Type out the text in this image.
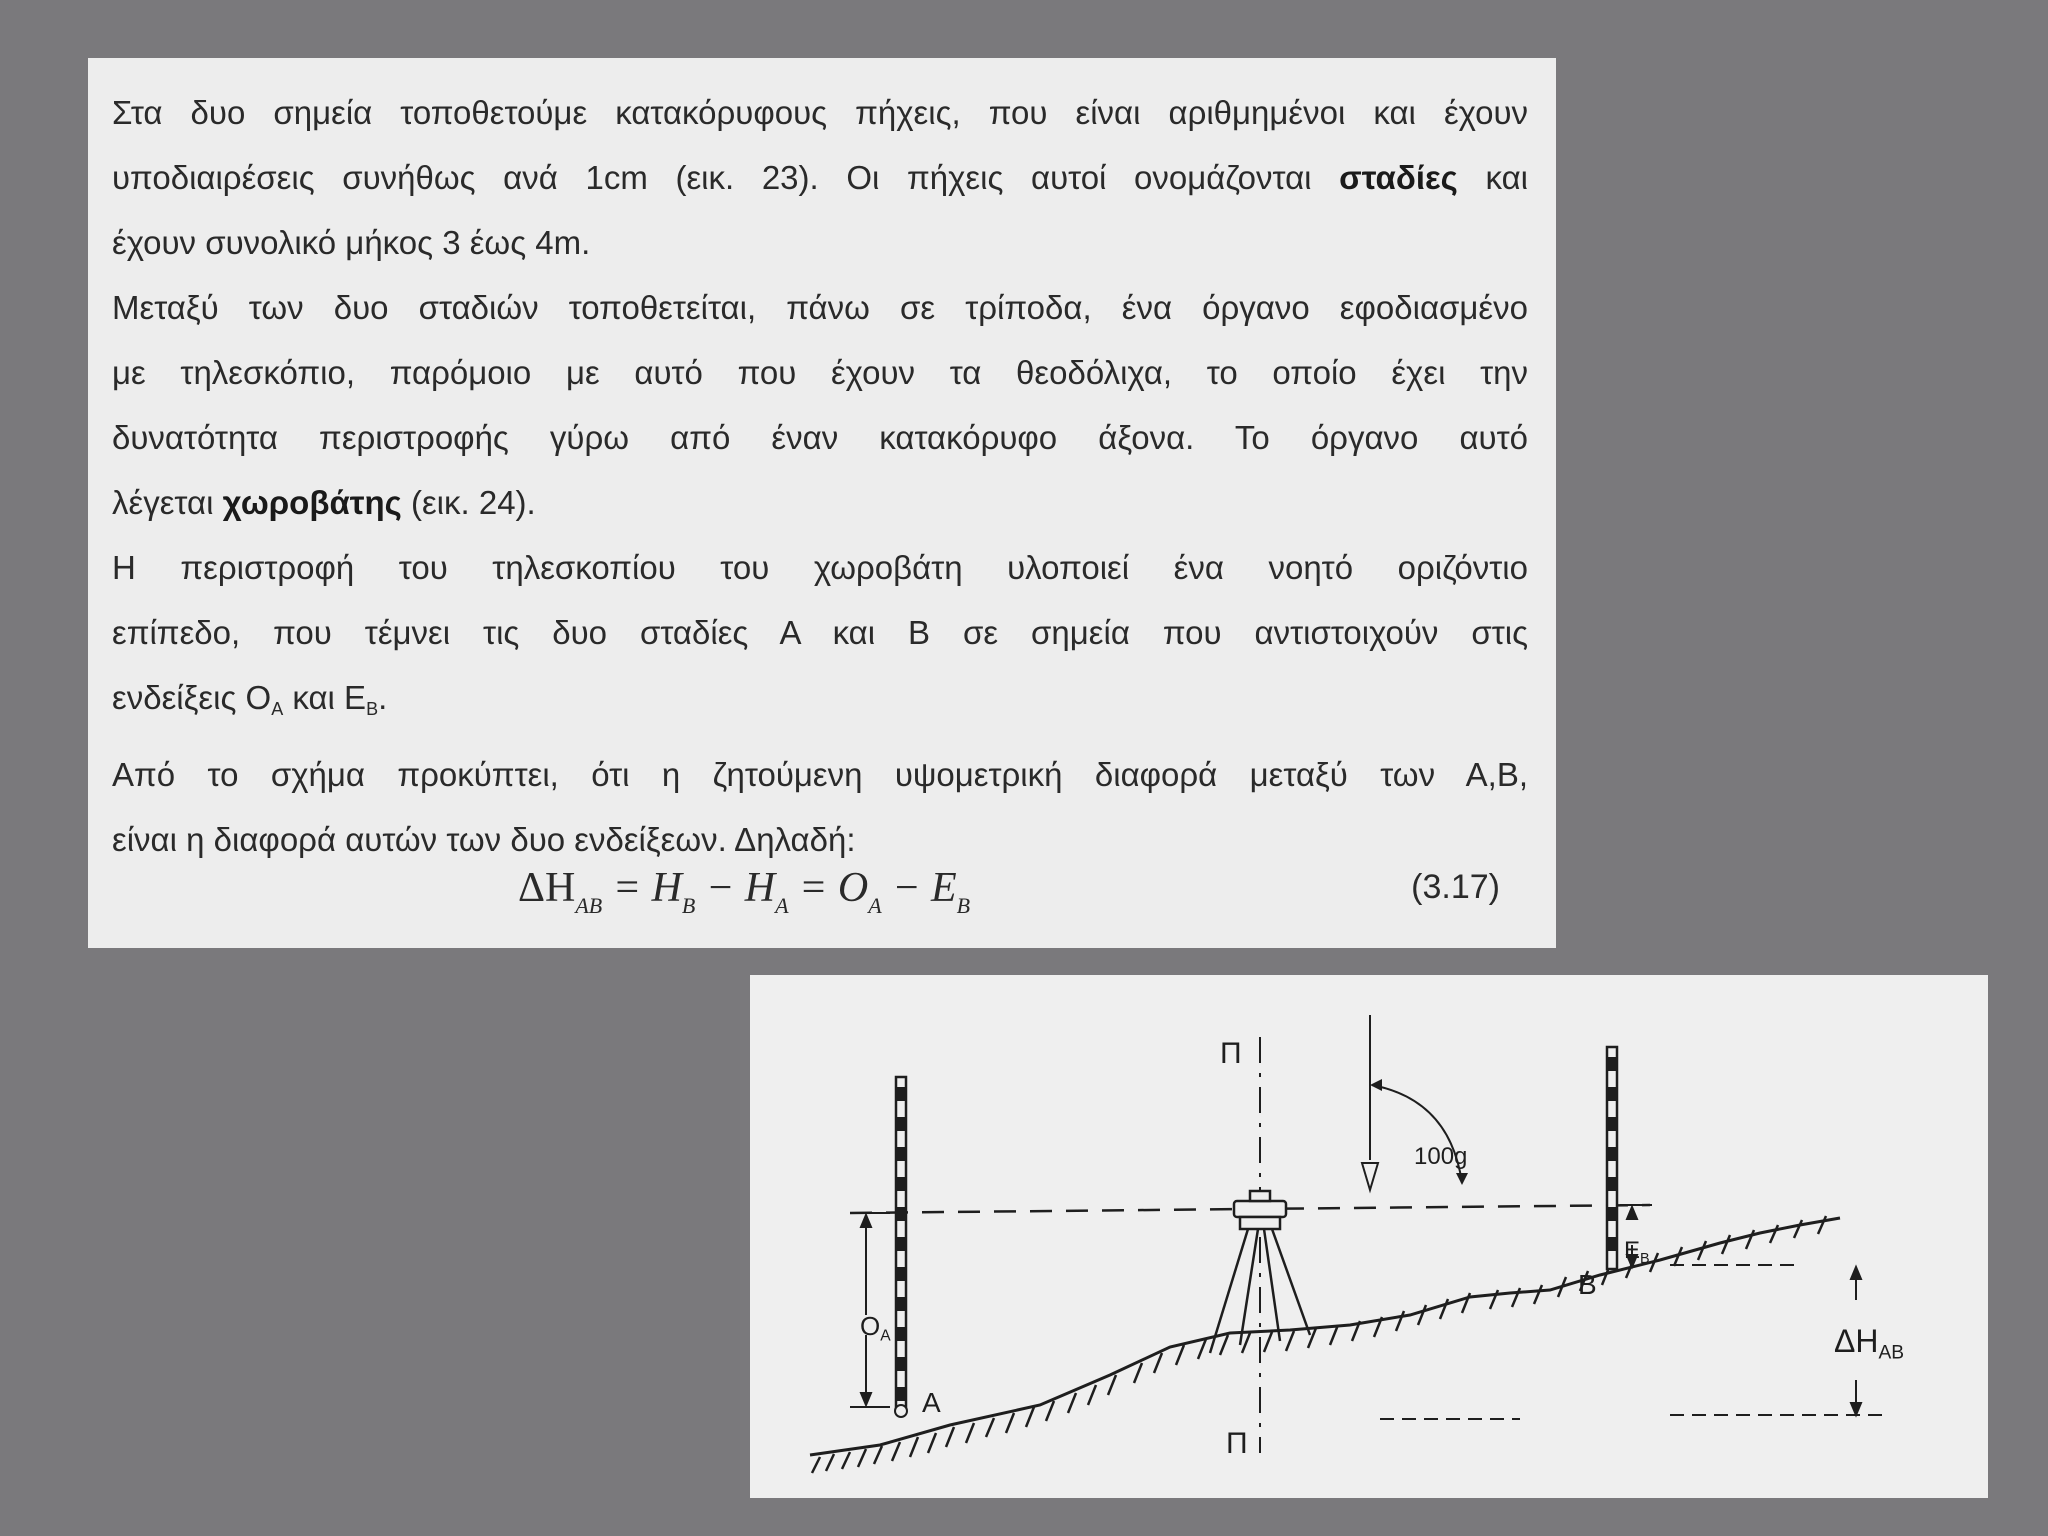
Στα δυο σημεία τοποθετούμε κατακόρυφους πήχεις, που είναι αριθμημένοι και έχουν
υποδιαιρέσεις συνήθως ανά 1cm (εικ. 23). Οι πήχεις αυτοί ονομάζονται σταδίες και
έχουν συνολικό μήκος 3 έως 4m.

Μεταξύ των δυο σταδιών τοποθετείται, πάνω σε τρίποδα, ένα όργανο εφοδιασμένο
με τηλεσκόπιο, παρόμοιο με αυτό που έχουν τα θεοδόλιχα, το οποίο έχει την
δυνατότητα περιστροφής γύρω από έναν κατακόρυφο άξονα. Το όργανο αυτό
λέγεται χωροβάτης (εικ. 24).

Η περιστροφή του τηλεσκοπίου του χωροβάτη υλοποιεί ένα νοητό οριζόντιο
επίπεδο, που τέμνει τις δυο σταδίες Α και Β σε σημεία που αντιστοιχούν στις
ενδείξεις $O_A$ και $E_B$.

Από το σχήμα προκύπτει, ότι η ζητούμενη υψομετρική διαφορά μεταξύ των Α,Β,
είναι η διαφορά αυτών των δυο ενδείξεων. Δηλαδή:

$\Delta H_{AB} = H_B - H_A = O_A - E_B$	(3.17)
Π
Π
100g
A
B
$O_A$
$E_B$
$\Delta H_{AB}$
